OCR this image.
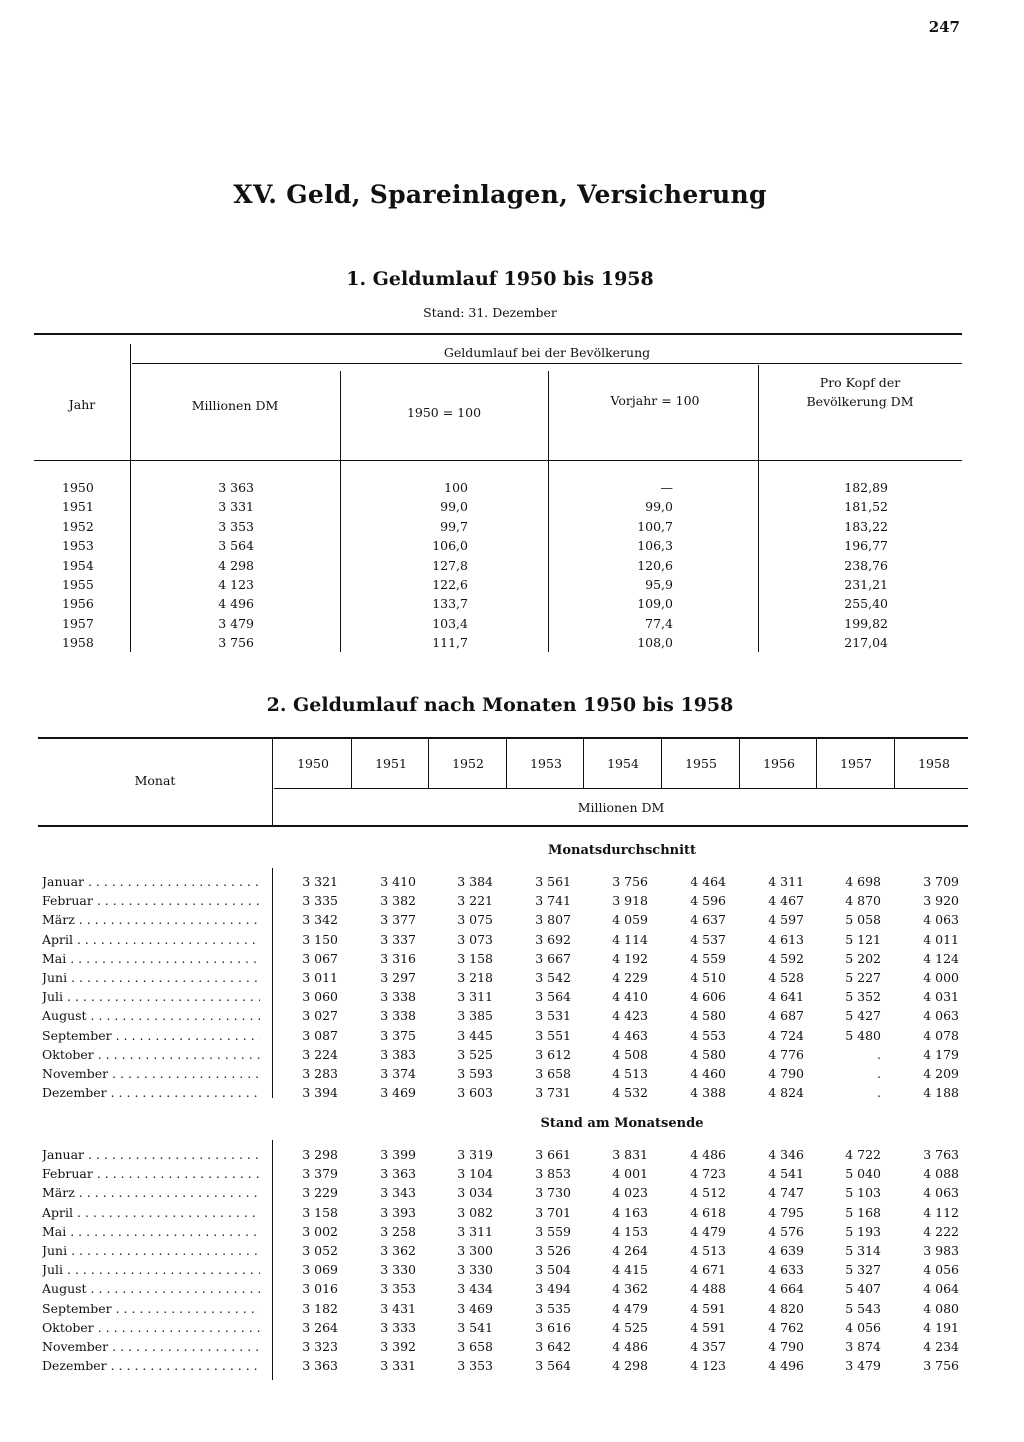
247
XV. Geld, Spareinlagen, Versicherung
1. Geldumlauf 1950 bis 1958
Stand: 31. Dezember
Geldumlauf bei der Bevölkerung
Jahr	Millionen DM	1950 = 100
Vorjahr = 100
Pro Kopf der Bevölkerung DM
1950	3 363	100	—	182,89
1951	3 331	99,0	99,0	181,52
1952	3 353	99,7	100,7	183,22
1953	3 564	106,0	106,3	196,77
1954	4 298	127,8	120,6	238,76
1955	4 123	122,6	95,9	231,21
1956	4 496	133,7	109,0	255,40
1957	3 479	103,4	77,4	199,82
1958	3 756	111,7	108,0	217,04
2. Geldumlauf nach Monaten 1950 bis 1958
Monat
Millionen DM
1950	1951	1952	1953	1954	1955	1956	1957	1958
Monatsdurchschnitt
Januar . . .	3 321	3 410	3 384	3 561	3 756	4 464	4 311	4 698	3 709
Februar . . .	3 335	3 382	3 221	3 741	3 918	4 596	4 467	4 870	3 920
März . . .	3 342	3 377	3 075	3 807	4 059	4 637	4 597	5 058	4 063
April . . .	3 150	3 337	3 073	3 692	4 114	4 537	4 613	5 121	4 011
Mai . . .	3 067	3 316	3 158	3 667	4 192	4 559	4 592	5 202	4 124
Juni . . .	3 011	3 297	3 218	3 542	4 229	4 510	4 528	5 227	4 000
Juli . . .	3 060	3 338	3 311	3 564	4 410	4 606	4 641	5 352	4 031
August . . .	3 027	3 338	3 385	3 531	4 423	4 580	4 687	5 427	4 063
September . . .	3 087	3 375	3 445	3 551	4 463	4 553	4 724	5 480	4 078
Oktober . . .	3 224	3 383	3 525	3 612	4 508	4 580	4 776	.	4 179
November . . .	3 283	3 374	3 593	3 658	4 513	4 460	4 790	.	4 209
Dezember . . .	3 394	3 469	3 603	3 731	4 532	4 388	4 824	.	4 188
Stand am Monatsende
Januar . . .	3 298	3 399	3 319	3 661	3 831	4 486	4 346	4 722	3 763
Februar . . .	3 379	3 363	3 104	3 853	4 001	4 723	4 541	5 040	4 088
März . . .	3 229	3 343	3 034	3 730	4 023	4 512	4 747	5 103	4 063
April . . .	3 158	3 393	3 082	3 701	4 163	4 618	4 795	5 168	4 112
Mai . . .	3 002	3 258	3 311	3 559	4 153	4 479	4 576	5 193	4 222
Juni . . .	3 052	3 362	3 300	3 526	4 264	4 513	4 639	5 314	3 983
Juli . . .	3 069	3 330	3 330	3 504	4 415	4 671	4 633	5 327	4 056
August . . .	3 016	3 353	3 434	3 494	4 362	4 488	4 664	5 407	4 064
September . . .	3 182	3 431	3 469	3 535	4 479	4 591	4 820	5 543	4 080
Oktober . . .	3 264	3 333	3 541	3 616	4 525	4 591	4 762	4 056	4 191
November . . .	3 323	3 392	3 658	3 642	4 486	4 357	4 790	3 874	4 234
Dezember . . .	3 363	3 331	3 353	3 564	4 298	4 123	4 496	3 479	3 756
